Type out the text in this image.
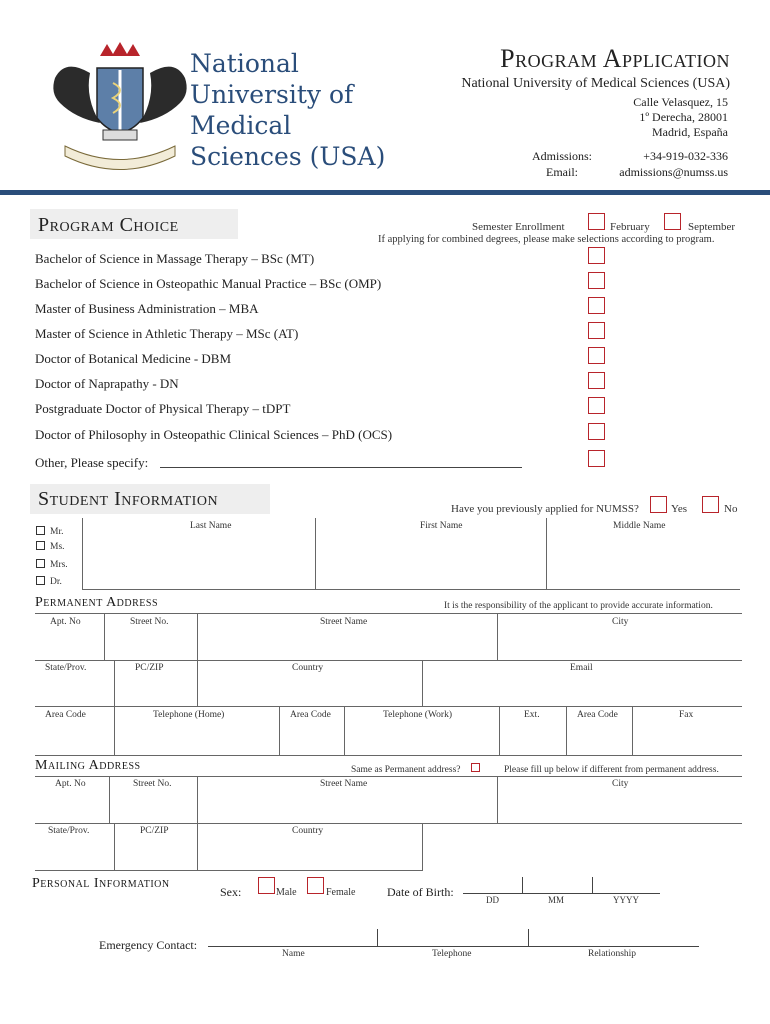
National
University of
Medical
Sciences (USA)
Program Application
National University of Medical Sciences (USA)
Calle Velasquez, 15
1º Derecha, 28001
Madrid, España
Admissions:	+34-919-032-336
Email:	admissions@numss.us
Program Choice	Semester Enrollment	February	September
If applying for combined degrees, please make selections according to program.
Bachelor of Science in Massage Therapy – BSc (MT)
Bachelor of Science in Osteopathic Manual Practice – BSc (OMP)
Master of Business Administration – MBA
Master of Science in Athletic Therapy – MSc (AT)
Doctor of Botanical Medicine - DBM
Doctor of Naprapathy - DN
Postgraduate Doctor of Physical Therapy – tDPT
Doctor of Philosophy in Osteopathic Clinical Sciences – PhD (OCS)
Other, Please specify:
Student Information	Have you previously applied for NUMSS?	Yes	No
Mr.
Ms.
Mrs.
Dr.
Last Name	First Name	Middle Name
Permanent Address	It is the responsibility of the applicant to provide accurate information.
Apt. No	Street No.	Street Name	City
State/Prov.	PC/ZIP	Country	Email
Area Code	Telephone (Home)	Area Code	Telephone (Work)	Ext.	Area Code	Fax
Mailing Address	Same as Permanent address?	Please fill up below if different from permanent address.
Apt. No	Street No.	Street Name	City
State/Prov.	PC/ZIP	Country
Personal Information
Sex:	Male	Female	Date of Birth:
DD	MM	YYYY
Emergency Contact:
Name	Telephone	Relationship
